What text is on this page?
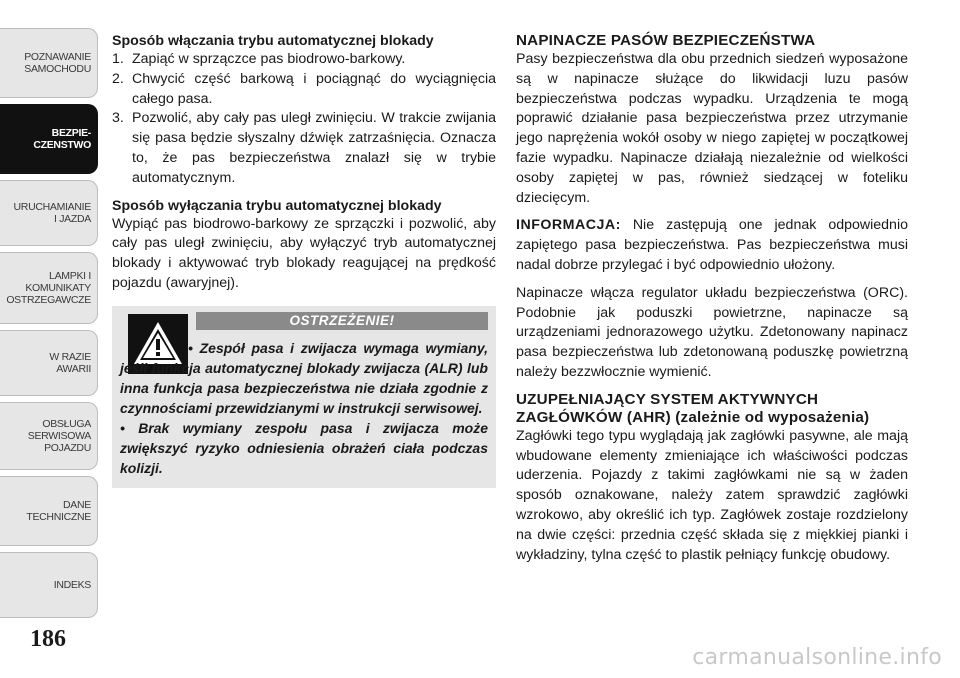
POZNAWANIE
SAMOCHODU
BEZPIE-
CZENSTWO
URUCHAMIANIE
I JAZDA
LAMPKI I
KOMUNIKATY
OSTRZEGAWCZE
W RAZIE
AWARII
OBSŁUGA
SERWISOWA
POJAZDU
DANE
TECHNICZNE
INDEKS
186
carmanualsonline.info
Sposób włączania trybu automatycznej blokady
1. Zapiąć w sprzączce pas biodrowo-barkowy.
2. Chwycić część barkową i pociągnąć do wyciągnięcia całego pasa.
3. Pozwolić, aby cały pas uległ zwinięciu. W trakcie zwijania się pasa będzie słyszalny dźwięk zatrzaśnięcia. Oznacza to, że pas bezpieczeństwa znalazł się w trybie automatycznym.
Sposób wyłączania trybu automatycznej blokady

Wypiąć pas biodrowo-barkowy ze sprzączki i pozwolić, aby cały pas uległ zwinięciu, aby wyłączyć tryb automatycznej blokady i aktywować tryb blokady reagującej na prędkość pojazdu (awaryjnej).

OSTRZEŻENIE!

• Zespół pasa i zwijacza wymaga wymiany, jeśli funkcja automatycznej blokady zwijacza (ALR) lub inna funkcja pasa bezpieczeństwa nie działa zgodnie z czynnościami przewidzianymi w instrukcji serwisowej.

• Brak wymiany zespołu pasa i zwijacza może zwiększyć ryzyko odniesienia obrażeń ciała podczas kolizji.

NAPINACZE PASÓW BEZPIECZEŃSTWA

Pasy bezpieczeństwa dla obu przednich siedzeń wyposażone są w napinacze służące do likwidacji luzu pasów bezpieczeństwa podczas wypadku. Urządzenia te mogą poprawić działanie pasa bezpieczeństwa przez utrzymanie jego naprężenia wokół osoby w niego zapiętej w początkowej fazie wypadku. Napinacze działają niezależnie od wielkości osoby zapiętej w pas, również siedzącej w foteliku dziecięcym.

INFORMACJA: Nie zastępują one jednak odpowiednio zapiętego pasa bezpieczeństwa. Pas bezpieczeństwa musi nadal dobrze przylegać i być odpowiednio ułożony.

Napinacze włącza regulator układu bezpieczeństwa (ORC). Podobnie jak poduszki powietrzne, napinacze są urządzeniami jednorazowego użytku. Zdetonowany napinacz pasa bezpieczeństwa lub zdetonowaną poduszkę powietrzną należy bezzwłocznie wymienić.

UZUPEŁNIAJĄCY SYSTEM AKTYWNYCH ZAGŁÓWKÓW (AHR) (zależnie od wyposażenia)

Zagłówki tego typu wyglądają jak zagłówki pasywne, ale mają wbudowane elementy zmieniające ich właściwości podczas uderzenia. Pojazdy z takimi zagłówkami nie są w żaden sposób oznakowane, należy zatem sprawdzić zagłówki wzrokowo, aby określić ich typ. Zagłówek zostaje rozdzielony na dwie części: przednia część składa się z miękkiej pianki i wykładziny, tylna część to plastik pełniący funkcję obudowy.
